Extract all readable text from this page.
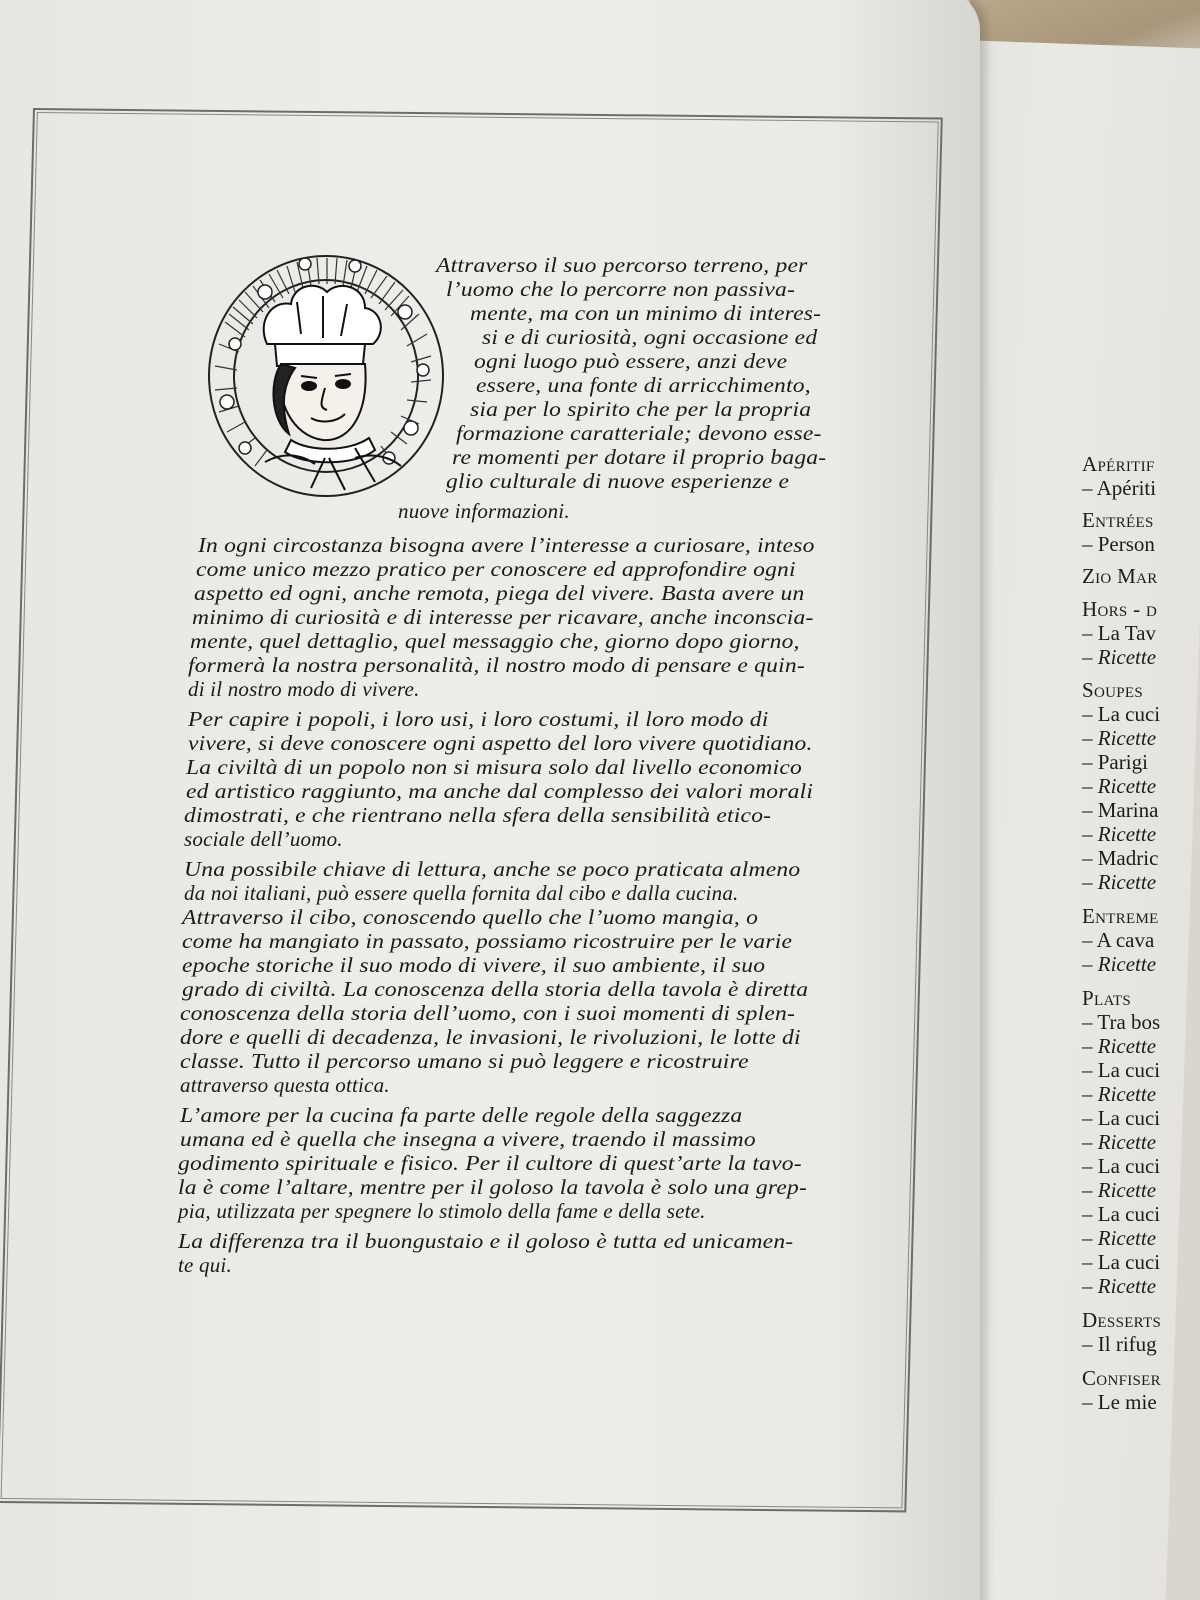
Attraverso il suo percorso terreno, per
l’uomo che lo percorre non passiva-
mente, ma con un minimo di interes-
si e di curiosità, ogni occasione ed
ogni luogo può essere, anzi deve
essere, una fonte di arricchimento,
sia per lo spirito che per la propria
formazione caratteriale; devono esse-
re momenti per dotare il proprio baga-
glio culturale di nuove esperienze e
nuove informazioni.
In ogni circostanza bisogna avere l’interesse a curiosare, inteso
come unico mezzo pratico per conoscere ed approfondire ogni
aspetto ed ogni, anche remota, piega del vivere. Basta avere un
minimo di curiosità e di interesse per ricavare, anche inconscia-
mente, quel dettaglio, quel messaggio che, giorno dopo giorno,
formerà la nostra personalità, il nostro modo di pensare e quin-
di il nostro modo di vivere.
Per capire i popoli, i loro usi, i loro costumi, il loro modo di
vivere, si deve conoscere ogni aspetto del loro vivere quotidiano.
La civiltà di un popolo non si misura solo dal livello economico
ed artistico raggiunto, ma anche dal complesso dei valori morali
dimostrati, e che rientrano nella sfera della sensibilità etico-
sociale dell’uomo.
Una possibile chiave di lettura, anche se poco praticata almeno
da noi italiani, può essere quella fornita dal cibo e dalla cucina.
Attraverso il cibo, conoscendo quello che l’uomo mangia, o
come ha mangiato in passato, possiamo ricostruire per le varie
epoche storiche il suo modo di vivere, il suo ambiente, il suo
grado di civiltà. La conoscenza della storia della tavola è diretta
conoscenza della storia dell’uomo, con i suoi momenti di splen-
dore e quelli di decadenza, le invasioni, le rivoluzioni, le lotte di
classe. Tutto il percorso umano si può leggere e ricostruire
attraverso questa ottica.
L’amore per la cucina fa parte delle regole della saggezza
umana ed è quella che insegna a vivere, traendo il massimo
godimento spirituale e fisico. Per il cultore di quest’arte la tavo-
la è come l’altare, mentre per il goloso la tavola è solo una grep-
pia, utilizzata per spegnere lo stimolo della fame e della sete.
La differenza tra il buongustaio e il goloso è tutta ed unicamen-
te qui.
Apéritif
– Apériti
Entrées
– Person
Zio Mar
Hors - d
– La Tav
– Ricette
Soupes
– La cuci
– Ricette
– Parigi
– Ricette
– Marina
– Ricette
– Madric
– Ricette
Entreme
– A cava
– Ricette
Plats
– Tra bos
– Ricette
– La cuci
– Ricette
– La cuci
– Ricette
– La cuci
– Ricette
– La cuci
– Ricette
– La cuci
– Ricette
Desserts
– Il rifug
Confiser
– Le mie
